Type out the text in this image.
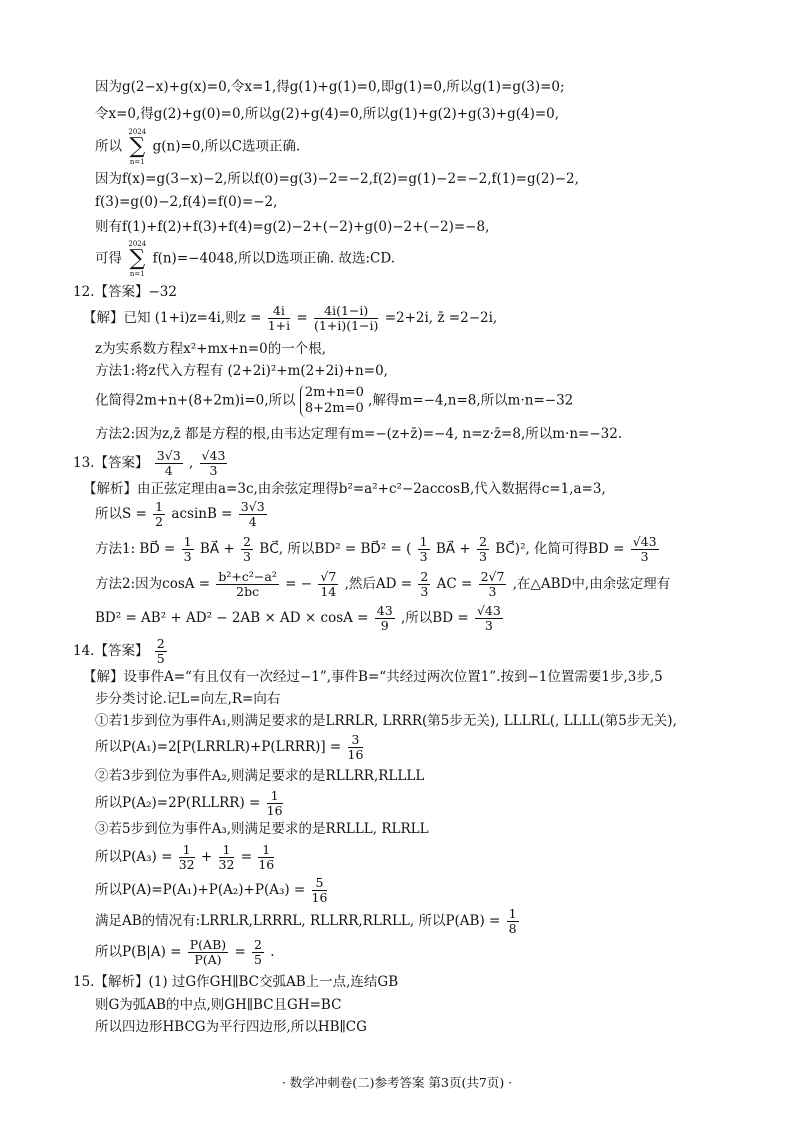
因为g(2−x)+g(x)=0,令x=1,得g(1)+g(1)=0,即g(1)=0,所以g(1)=g(3)=0;
令x=0,得g(2)+g(0)=0,所以g(2)+g(4)=0,所以g(1)+g(2)+g(3)+g(4)=0,
所以
2024
∑
n=1
g(n)=0,所以C选项正确.
因为f(x)=g(3−x)−2,所以f(0)=g(3)−2=−2,f(2)=g(1)−2=−2,f(1)=g(2)−2,
f(3)=g(0)−2,f(4)=f(0)=−2,
则有f(1)+f(2)+f(3)+f(4)=g(2)−2+(−2)+g(0)−2+(−2)=−8,
可得
2024
∑
n=1
f(n)=−4048,所以D选项正确. 故选:CD.
12.【答案】−32
【解】已知 (1+i)z=4i,则$z = \frac{4i}{1+i} = \frac{4i(1-i)}{(1+i)(1-i)} =2+2i$, z̄ =2−2i,
z为实系数方程x²+mx+n=0的一个根,
方法1:将z代入方程有 (2+2i)²+m(2+2i)+n=0,
化简得2m+n+(8+2m)i=0,所以 2m+n=0
8+2m=0 ,解得m=−4,n=8,所以m·n=−32
方法2:因为z,z̄ 都是方程的根,由韦达定理有m=−(z+z̄)=−4, n=z·z̄=8,所以m·n=−32.
13.【答案】 $\frac{3√3}{4}$ , $\frac{√43}{3}$
【解析】由正弦定理由a=3c,由余弦定理得b²=a²+c²−2accosB,代入数据得c=1,a=3,
所以$S = \frac{1}{2}$ $acsinB = \frac{3√3}{4}$
方法1: BD⃗ = $\frac{1}{3}$ BA⃗ + $\frac{2}{3}$ BC⃗, 所以BD² = BD⃗² = ( $\frac{1}{3}$ BA⃗ + $\frac{2}{3}$ BC⃗)², 化简可得BD = $\frac{√43}{3}$
方法2:因为$\cos A = \frac{\text{b²+c²−a²}}{2bc}$ = − $\frac{√7}{14}$ ,然后AD = $\frac{2}{3}$ AC = $\frac{2√7}{3}$ ,在△ABD中,由余弦定理有
BD² = AB² + AD² − 2AB × AD × $\cos A = \frac{43}{9}$ ,所以BD = $\frac{√43}{3}$
14.【答案】 $\frac{2}{5}$
【解】设事件A=“有且仅有一次经过−1”,事件B=“共经过两次位置1”.按到−1位置需要1步,3步,5
步分类讨论.记L=向左,R=向右
①若1步到位为事件A₁,则满足要求的是LRRLR, LRRR(第5步无关), LLLRL(, LLLL(第5步无关),
所以P(A₁)=2[P(LRRLR)+P(LRRR)] = $\frac{3}{16}$
②若3步到位为事件A₂,则满足要求的是RLLRR,RLLLL
所以P(A₂)=2P(RLLRR) = $\frac{1}{16}$
③若5步到位为事件A₃,则满足要求的是RRLLL, RLRLL
所以$P(A_3) = \frac{1}{32} + \frac{1}{32} = \frac{1}{16}$
所以$P(A)=P(A_1)+P(A_2)+P(A_3) = \frac{5}{16}$
满足AB的情况有:LRRLR,LRRRL, RLLRR,RLRLL, 所以$P(AB) = \frac{1}{8}$
所以$P(B|A) = \frac{P(AB)}{P(A)} = \frac{2}{5}$ .
15.【解析】(1) 过G作GH∥BC交弧AB上一点,连结GB
则G为弧AB的中点,则GH∥BC且GH=BC
所以四边形HBCG为平行四边形,所以HB∥CG
· 数学冲刺卷(二)参考答案 第3页(共7页) ·
